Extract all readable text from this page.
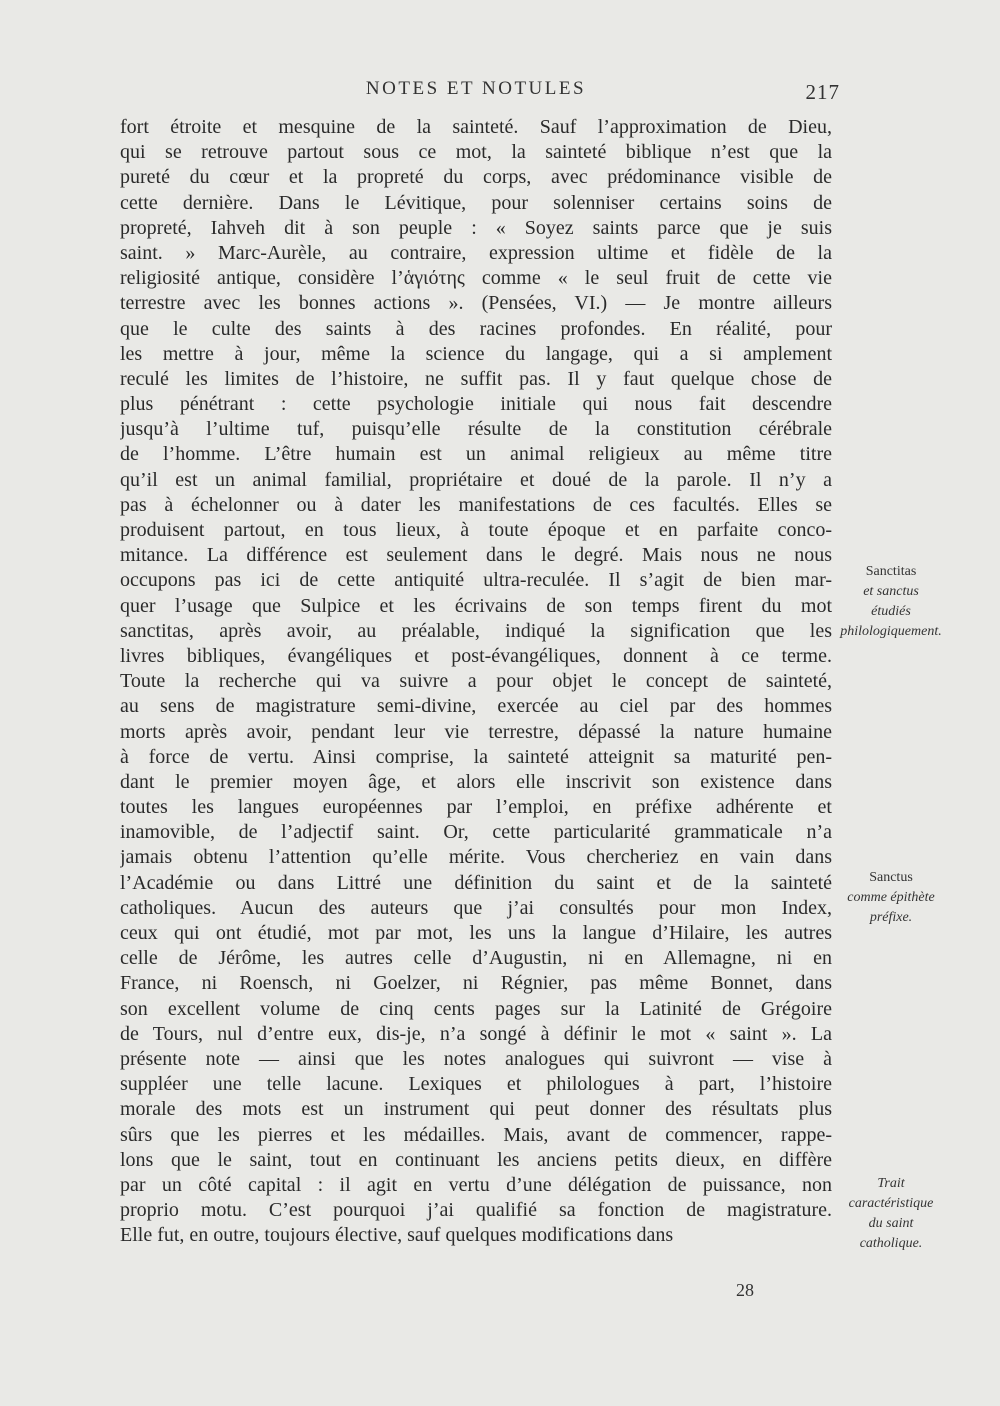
NOTES ET NOTULES	217
fort étroite et mesquine de la sainteté. Sauf l’approximation de Dieu,
qui se retrouve partout sous ce mot, la sainteté biblique n’est que la
pureté du cœur et la propreté du corps, avec prédominance visible de
cette dernière. Dans le Lévitique, pour solenniser certains soins de
propreté, Iahveh dit à son peuple : « Soyez saints parce que je suis
saint. » Marc-Aurèle, au contraire, expression ultime et fidèle de la
religiosité antique, considère l’ἁγιότης comme « le seul fruit de cette vie
terrestre avec les bonnes actions ». (Pensées, VI.) — Je montre ailleurs
que le culte des saints à des racines profondes. En réalité, pour
les mettre à jour, même la science du langage, qui a si amplement
reculé les limites de l’histoire, ne suffit pas. Il y faut quelque chose de
plus pénétrant : cette psychologie initiale qui nous fait descendre
jusqu’à l’ultime tuf, puisqu’elle résulte de la constitution cérébrale
de l’homme. L’être humain est un animal religieux au même titre
qu’il est un animal familial, propriétaire et doué de la parole. Il n’y a
pas à échelonner ou à dater les manifestations de ces facultés. Elles se
produisent partout, en tous lieux, à toute époque et en parfaite conco-
mitance. La différence est seulement dans le degré. Mais nous ne nous
occupons pas ici de cette antiquité ultra-reculée. Il s’agit de bien mar-
quer l’usage que Sulpice et les écrivains de son temps firent du mot
sanctitas, après avoir, au préalable, indiqué la signification que les
livres bibliques, évangéliques et post-évangéliques, donnent à ce terme.
Toute la recherche qui va suivre a pour objet le concept de sainteté,
au sens de magistrature semi-divine, exercée au ciel par des hommes
morts après avoir, pendant leur vie terrestre, dépassé la nature humaine
à force de vertu. Ainsi comprise, la sainteté atteignit sa maturité pen-
dant le premier moyen âge, et alors elle inscrivit son existence dans
toutes les langues européennes par l’emploi, en préfixe adhérente et
inamovible, de l’adjectif saint. Or, cette particularité grammaticale n’a
jamais obtenu l’attention qu’elle mérite. Vous chercheriez en vain dans
l’Académie ou dans Littré une définition du saint et de la sainteté
catholiques. Aucun des auteurs que j’ai consultés pour mon Index,
ceux qui ont étudié, mot par mot, les uns la langue d’Hilaire, les autres
celle de Jérôme, les autres celle d’Augustin, ni en Allemagne, ni en
France, ni Roensch, ni Goelzer, ni Régnier, pas même Bonnet, dans
son excellent volume de cinq cents pages sur la Latinité de Grégoire
de Tours, nul d’entre eux, dis-je, n’a songé à définir le mot « saint ». La
présente note — ainsi que les notes analogues qui suivront — vise à
suppléer une telle lacune. Lexiques et philologues à part, l’histoire
morale des mots est un instrument qui peut donner des résultats plus
sûrs que les pierres et les médailles. Mais, avant de commencer, rappe-
lons que le saint, tout en continuant les anciens petits dieux, en diffère
par un côté capital : il agit en vertu d’une délégation de puissance, non
proprio motu. C’est pourquoi j’ai qualifié sa fonction de magistrature.
Elle fut, en outre, toujours élective, sauf quelques modifications dans
Sanctitas
et sanctus
étudiés
philologiquement.
Sanctus
comme épithète
préfixe.
Trait
caractéristique
du saint
catholique.
28
